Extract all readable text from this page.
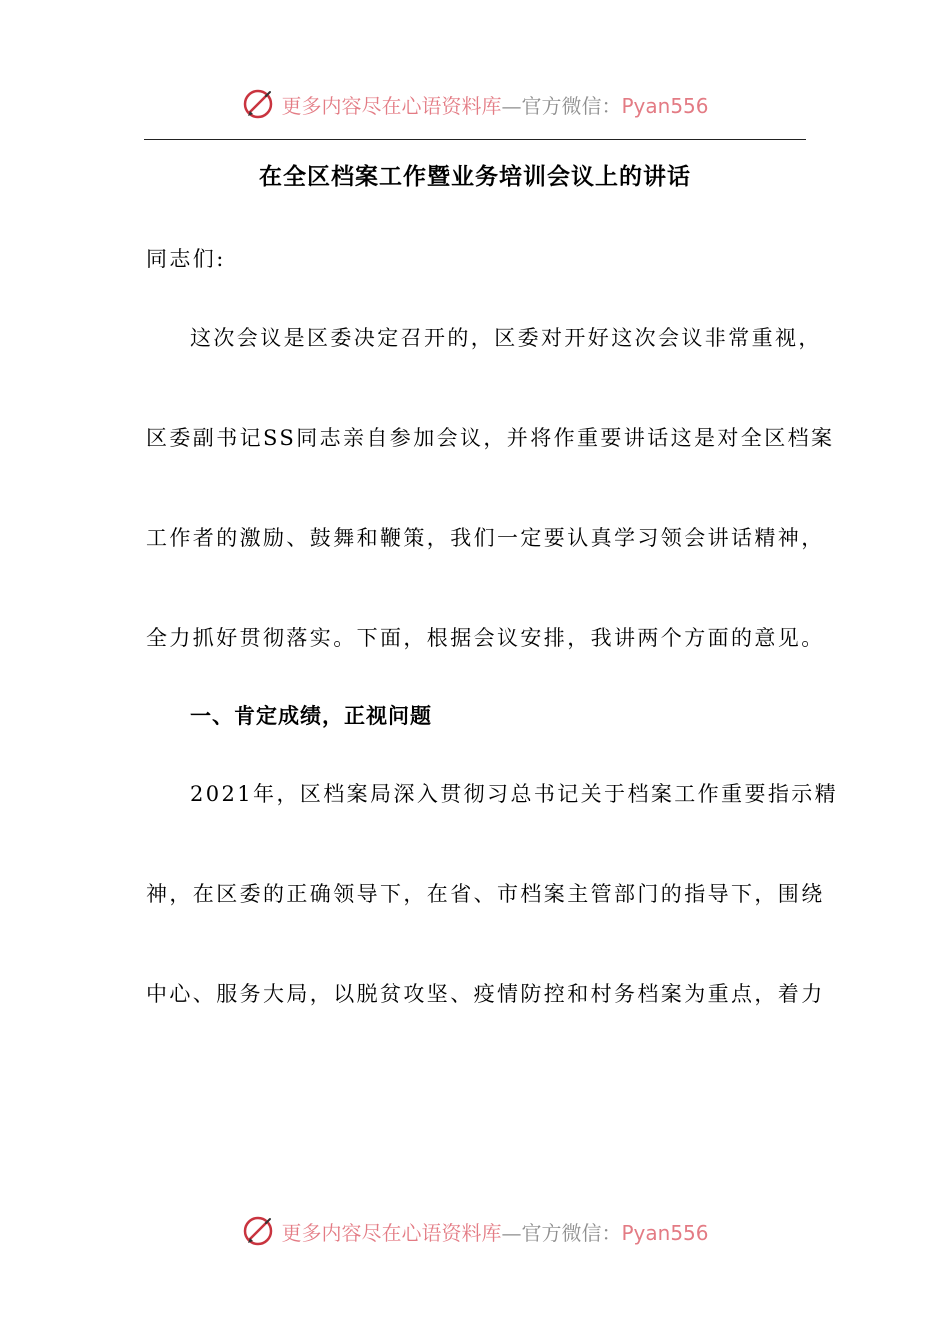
更多内容尽在心语资料库—官方微信：Pyan556
在全区档案工作暨业务培训会议上的讲话
同志们:
这次会议是区委决定召开的，区委对开好这次会议非常重视，
区委副书记SS同志亲自参加会议，并将作重要讲话这是对全区档案
工作者的激励、鼓舞和鞭策，我们一定要认真学习领会讲话精神，
全力抓好贯彻落实。下面，根据会议安排，我讲两个方面的意见。
一、肯定成绩，正视问题
2021年，区档案局深入贯彻习总书记关于档案工作重要指示精
神，在区委的正确领导下，在省、市档案主管部门的指导下，围绕
中心、服务大局，以脱贫攻坚、疫情防控和村务档案为重点，着力
更多内容尽在心语资料库—官方微信：Pyan556
